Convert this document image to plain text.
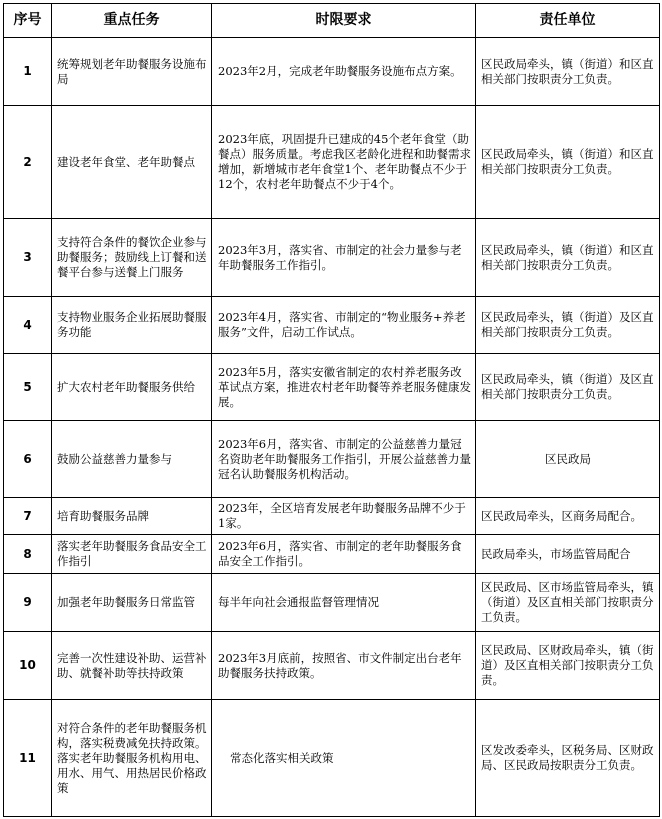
序号	重点任务	时限要求	责任单位
1	统筹规划老年助餐服务设施布局	2023年2月，完成老年助餐服务设施布点方案。	区民政局牵头，镇（街道）和区直相关部门按职责分工负责。
2	建设老年食堂、老年助餐点	2023年底，巩固提升已建成的45个老年食堂（助餐点）服务质量。考虑我区老龄化进程和助餐需求增加，新增城市老年食堂1个、老年助餐点不少于12个，农村老年助餐点不少于4个。	区民政局牵头，镇（街道）和区直相关部门按职责分工负责。
3	支持符合条件的餐饮企业参与助餐服务；鼓励线上订餐和送餐平台参与送餐上门服务	2023年3月，落实省、市制定的社会力量参与老年助餐服务工作指引。	区民政局牵头，镇（街道）和区直相关部门按职责分工负责。
4	支持物业服务企业拓展助餐服务功能	2023年4月，落实省、市制定的“物业服务+养老服务”文件，启动工作试点。	区民政局牵头，镇（街道）及区直相关部门按职责分工负责。
5	扩大农村老年助餐服务供给	2023年5月，落实安徽省制定的农村养老服务改革试点方案，推进农村老年助餐等养老服务健康发展。	区民政局牵头，镇（街道）及区直相关部门按职责分工负责。
6	鼓励公益慈善力量参与	2023年6月，落实省、市制定的公益慈善力量冠名资助老年助餐服务工作指引，开展公益慈善力量冠名认助餐服务机构活动。	区民政局
7	培育助餐服务品牌	2023年，全区培育发展老年助餐服务品牌不少于1家。	区民政局牵头，区商务局配合。
8	落实老年助餐服务食品安全工作指引	2023年6月，落实省、市制定的老年助餐服务食品安全工作指引。	民政局牵头，市场监管局配合
9	加强老年助餐服务日常监管	每半年向社会通报监督管理情况	区民政局、区市场监管局牵头，镇（街道）及区直相关部门按职责分工负责。
10	完善一次性建设补助、运营补助、就餐补助等扶持政策	2023年3月底前，按照省、市文件制定出台老年助餐服务扶持政策。	区民政局、区财政局牵头，镇（街道）及区直相关部门按职责分工负责。
11	对符合条件的老年助餐服务机构，落实税费减免扶持政策。落实老年助餐服务机构用电、用水、用气、用热居民价格政策	常态化落实相关政策	区发改委牵头，区税务局、区财政局、区民政局按职责分工负责。
